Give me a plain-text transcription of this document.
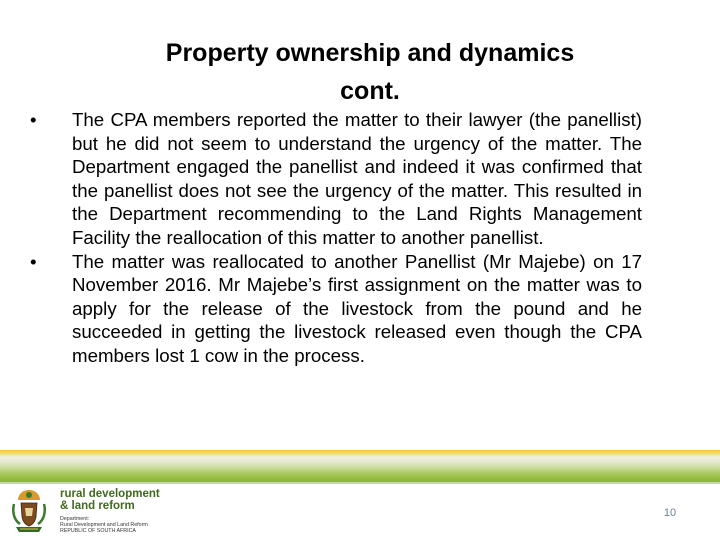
Property ownership and dynamics
cont.
•	The CPA members reported the matter to their lawyer (the panellist) but he did not seem to understand the urgency of the matter. The Department engaged the panellist and indeed it was confirmed that the panellist does not see the urgency of the matter. This resulted in the Department recommending to the Land Rights Management Facility the reallocation of this matter to another panellist.
•	The matter was reallocated to another Panellist (Mr Majebe) on 17 November 2016. Mr Majebe’s first assignment on the matter was to apply for the release of the livestock from the pound and he succeeded in getting the livestock released even though the CPA members lost 1 cow in the process.
rural development
& land reform
Department:
Rural Development and Land Reform
REPUBLIC OF SOUTH AFRICA
10
